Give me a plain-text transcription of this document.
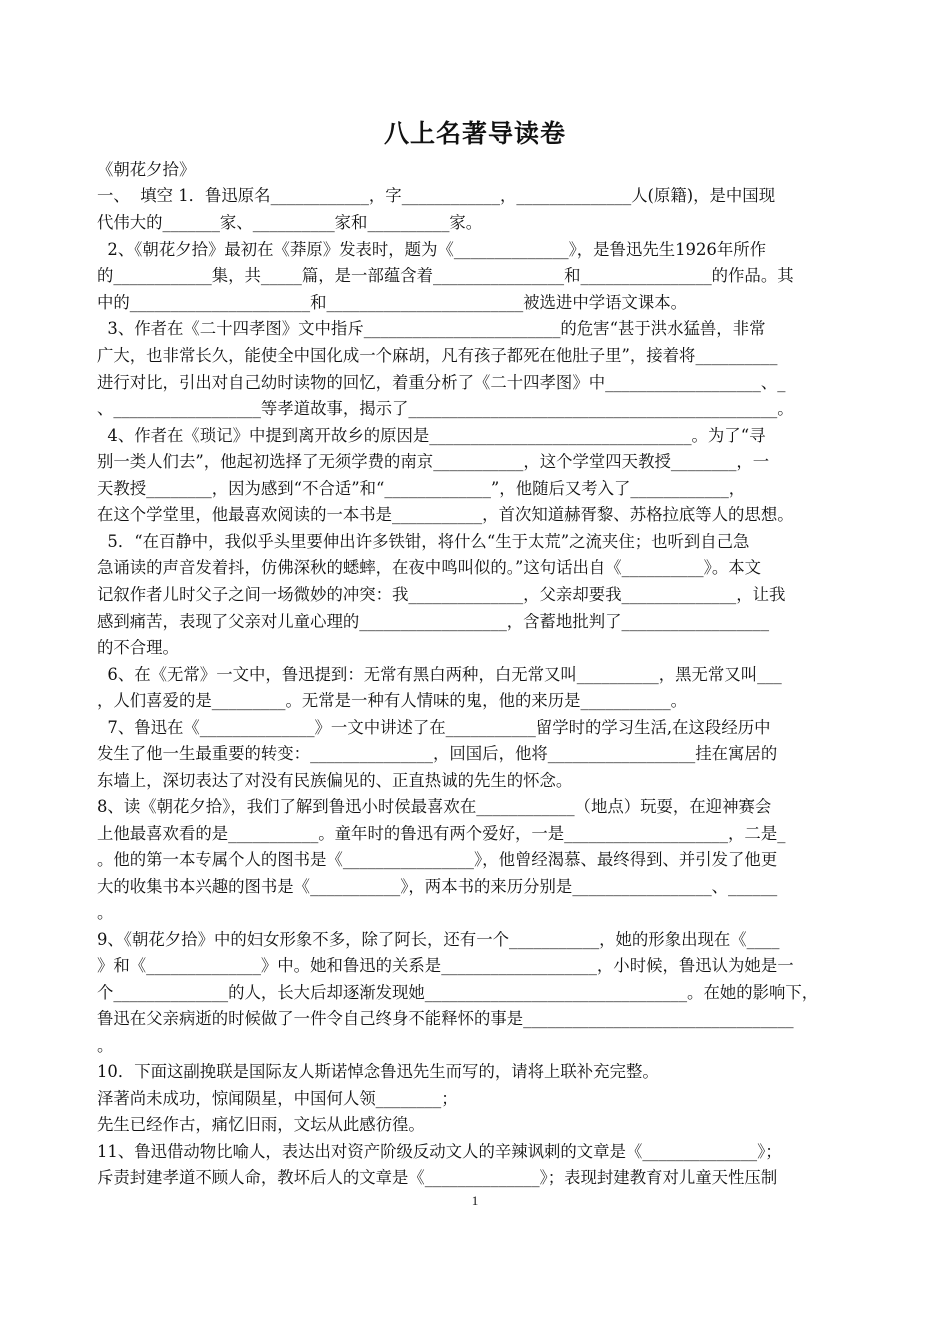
八上名著导读卷
《朝花夕拾》
一、  填空 1．鲁迅原名____________，字____________，______________人(原籍)，是中国现
代伟大的_______家、__________家和__________家。
2、《朝花夕拾》最初在《莽原》发表时，题为《______________》，是鲁迅先生1926年所作
的____________集，共_____篇，是一部蕴含着________________和________________的作品。其
中的______________________和________________________被选进中学语文课本。
3、作者在《二十四孝图》文中指斥________________________的危害“甚于洪水猛兽，非常
广大，也非常长久，能使全中国化成一个麻胡，凡有孩子都死在他肚子里”，接着将__________
进行对比，引出对自己幼时读物的回忆，着重分析了《二十四孝图》中___________________、_
、__________________等孝道故事，揭示了_____________________________________________。
4、作者在《琐记》中提到离开故乡的原因是________________________________。为了“寻
别一类人们去”，他起初选择了无须学费的南京___________，这个学堂四天教授________，一
天教授________，因为感到“不合适”和“_____________”，他随后又考入了____________，
在这个学堂里，他最喜欢阅读的一本书是___________，首次知道赫胥黎、苏格拉底等人的思想。
5．“在百静中，我似乎头里要伸出许多铁钳，将什么“生于太荒”之流夹住；也听到自己急
急诵读的声音发着抖，仿佛深秋的蟋蟀，在夜中鸣叫似的。”这句话出自《__________》。本文
记叙作者儿时父子之间一场微妙的冲突：我______________，父亲却要我______________，让我
感到痛苦，表现了父亲对儿童心理的__________________，含蓄地批判了__________________
的不合理。
6、在《无常》一文中，鲁迅提到：无常有黑白两种，白无常又叫__________，黑无常又叫___
，人们喜爱的是_________。无常是一种有人情味的鬼，他的来历是___________。
7、鲁迅在《______________》一文中讲述了在___________留学时的学习生活,在这段经历中
发生了他一生最重要的转变：_______________，回国后，他将__________________挂在寓居的
东墙上，深切表达了对没有民族偏见的、正直热诚的先生的怀念。
8、读《朝花夕拾》，我们了解到鲁迅小时侯最喜欢在____________（地点）玩耍，在迎神赛会
上他最喜欢看的是___________。童年时的鲁迅有两个爱好，一是____________________，二是_
。他的第一本专属个人的图书是《________________》，他曾经渴慕、最终得到、并引发了他更
大的收集书本兴趣的图书是《___________》，两本书的来历分别是_________________、______
。
9、《朝花夕拾》中的妇女形象不多，除了阿长，还有一个___________，她的形象出现在《____
》和《______________》中。她和鲁迅的关系是___________________，小时候，鲁迅认为她是一
个______________的人，长大后却逐渐发现她________________________________。在她的影响下，
鲁迅在父亲病逝的时候做了一件令自己终身不能释怀的事是_________________________________
。
10．下面这副挽联是国际友人斯诺悼念鲁迅先生而写的，请将上联补充完整。
泽著尚未成功，惊闻陨星，中国何人领________；
先生已经作古，痛忆旧雨，文坛从此感彷徨。
11、鲁迅借动物比喻人，表达出对资产阶级反动文人的辛辣讽刺的文章是《______________》；
斥责封建孝道不顾人命，教坏后人的文章是《______________》；表现封建教育对儿童天性压制
1
